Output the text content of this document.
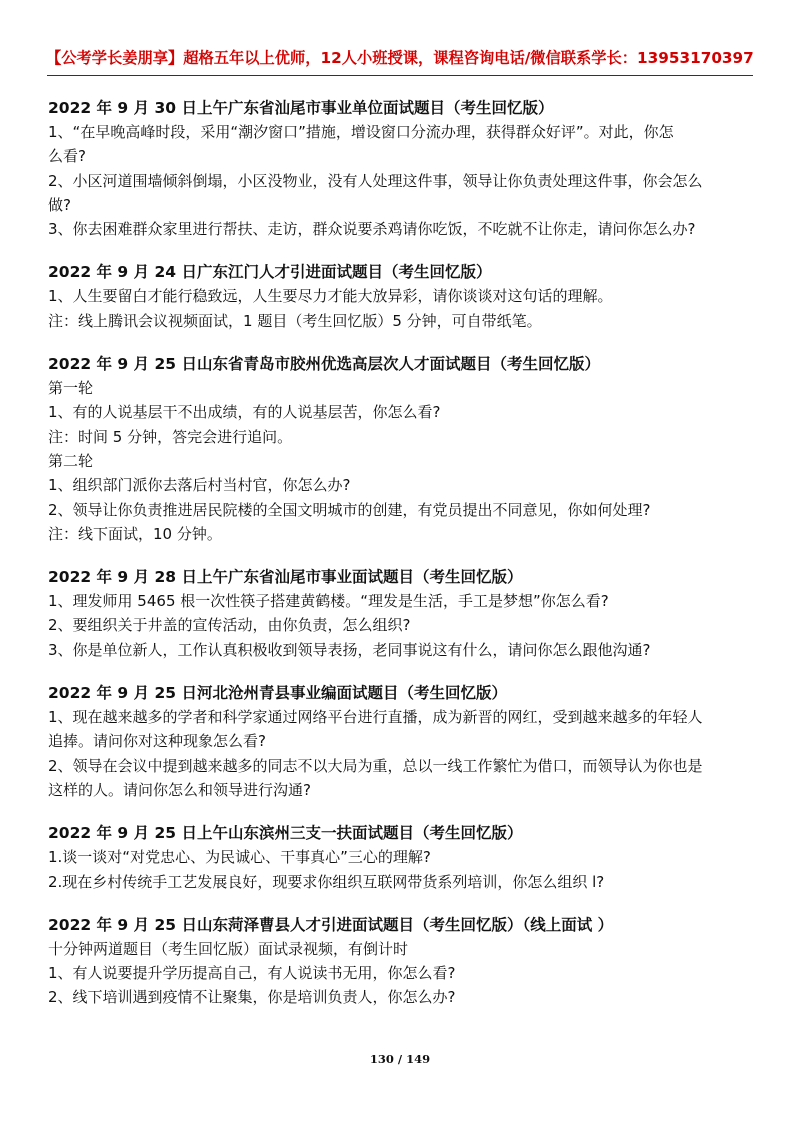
【公考学长姜朋享】超格五年以上优师，12人小班授课，课程咨询电话/微信联系学长：13953170397
2022 年 9 月 30 日上午广东省汕尾市事业单位面试题目（考生回忆版）
1、“在早晚高峰时段，采用“潮汐窗口”措施，增设窗口分流办理，获得群众好评”。对此，你怎
么看?
2、小区河道围墙倾斜倒塌，小区没物业，没有人处理这件事，领导让你负责处理这件事，你会怎么
做?
3、你去困难群众家里进行帮扶、走访，群众说要杀鸡请你吃饭，不吃就不让你走，请问你怎么办?
2022 年 9 月 24 日广东江门人才引进面试题目（考生回忆版）
1、人生要留白才能行稳致远，人生要尽力才能大放异彩，请你谈谈对这句话的理解。
注：线上腾讯会议视频面试，1 题目（考生回忆版）5 分钟，可自带纸笔。
2022 年 9 月 25 日山东省青岛市胶州优选高层次人才面试题目（考生回忆版）
第一轮
1、有的人说基层干不出成绩，有的人说基层苦，你怎么看?
注：时间 5 分钟，答完会进行追问。
第二轮
1、组织部门派你去落后村当村官，你怎么办?
2、领导让你负责推进居民院楼的全国文明城市的创建，有党员提出不同意见，你如何处理?
注：线下面试，10 分钟。
2022 年 9 月 28 日上午广东省汕尾市事业面试题目（考生回忆版）
1、理发师用 5465 根一次性筷子搭建黄鹤楼。“理发是生活，手工是梦想”你怎么看?
2、要组织关于井盖的宣传活动，由你负责，怎么组织?
3、你是单位新人，工作认真积极收到领导表扬，老同事说这有什么，请问你怎么跟他沟通?
2022 年 9 月 25 日河北沧州青县事业编面试题目（考生回忆版）
1、现在越来越多的学者和科学家通过网络平台进行直播，成为新晋的网红，受到越来越多的年轻人
追捧。请问你对这种现象怎么看?
2、领导在会议中提到越来越多的同志不以大局为重，总以一线工作繁忙为借口，而领导认为你也是
这样的人。请问你怎么和领导进行沟通?
2022 年 9 月 25 日上午山东滨州三支一扶面试题目（考生回忆版）
1.谈一谈对“对党忠心、为民诚心、干事真心”三心的理解?
2.现在乡村传统手工艺发展良好，现要求你组织互联网带货系列培训，你怎么组织 l?
2022 年 9 月 25 日山东菏泽曹县人才引进面试题目（考生回忆版）（线上面试 ）
十分钟两道题目（考生回忆版）面试录视频，有倒计时
1、有人说要提升学历提高自己，有人说读书无用，你怎么看?
2、线下培训遇到疫情不让聚集，你是培训负责人，你怎么办?
130 / 149
